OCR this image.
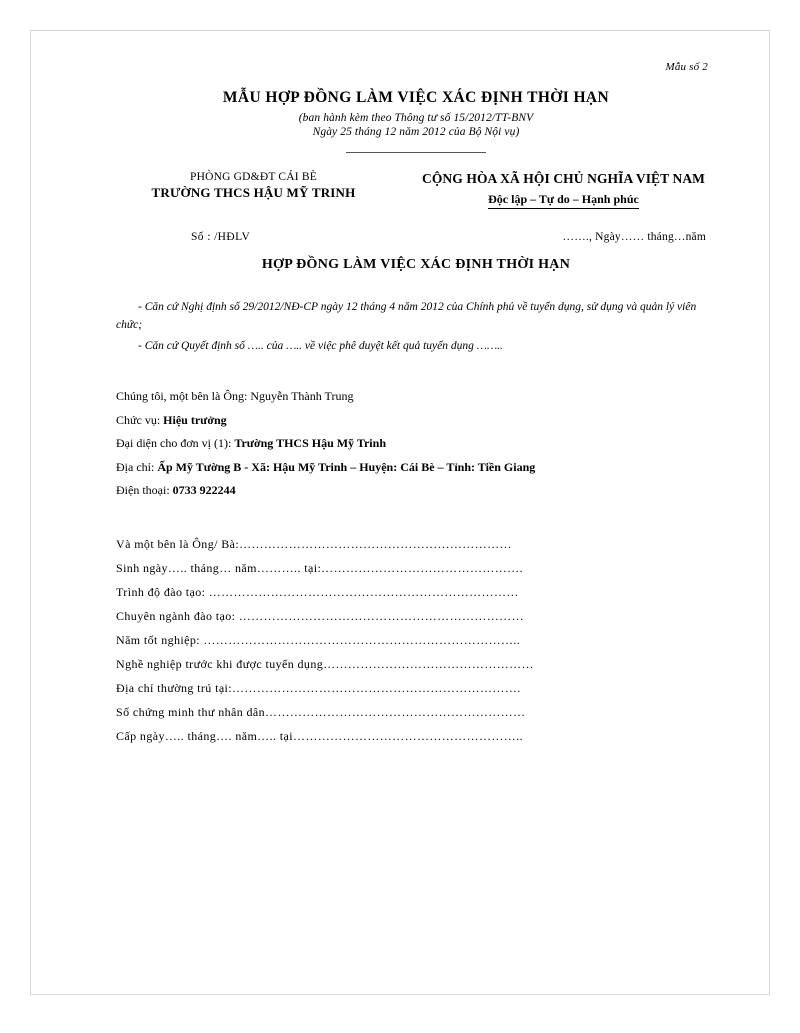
Mẫu số 2
MẪU HỢP ĐỒNG LÀM VIỆC XÁC ĐỊNH THỜI HẠN
(ban hành kèm theo Thông tư số 15/2012/TT-BNV
Ngày 25 tháng 12 năm 2012 của Bộ Nội vụ)
PHÒNG GD&ĐT CÁI BÈ
TRƯỜNG THCS HẬU MỸ TRINH
CỘNG HÒA XÃ HỘI CHỦ NGHĨA VIỆT NAM
Độc lập – Tự do – Hạnh phúc
Số : /HĐLV	……., Ngày…… tháng…năm
HỢP ĐỒNG LÀM VIỆC XÁC ĐỊNH THỜI HẠN

- Căn cứ Nghị định số 29/2012/NĐ-CP ngày 12 tháng 4 năm 2012 của Chính phủ về tuyển dụng, sử dụng và quản lý viên chức;

- Căn cứ Quyết định số ….. của ….. về việc phê duyệt kết quả tuyển dụng ……..

Chúng tôi, một bên là Ông: Nguyễn Thành Trung

Chức vụ: Hiệu trưởng

Đại diện cho đơn vị (1): Trường THCS Hậu Mỹ Trinh

Địa chỉ: Ấp Mỹ Tường B - Xã: Hậu Mỹ Trinh – Huyện: Cái Bè – Tỉnh: Tiền Giang

Điện thoại: 0733 922244

Và một bên là Ông/ Bà:…………………………………………………………

Sinh ngày….. tháng… năm……….. tại:………………………………………….

Trình độ đào tạo: …………………………………………………………………

Chuyên ngành đào tạo: ……………………………………………………………

Năm tốt nghiệp: …………………………………………………………………..

Nghề nghiệp trước khi được tuyển dụng……………………………………………

Địa chỉ thường trú tại:…………………………………………………………….

Số chứng minh thư nhân dân………………………………………………………

Cấp ngày….. tháng…. năm….. tại………………………………………………..
